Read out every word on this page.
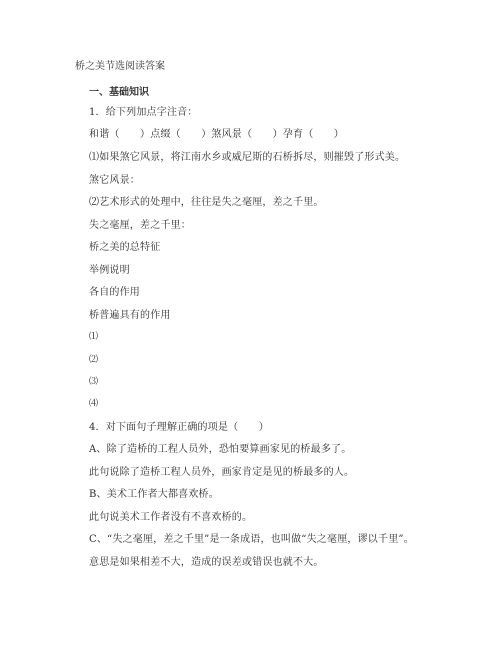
桥之美节选阅读答案
一、基础知识
1．给下列加点字注音：
和谐（　　）点缀（　　）煞风景（　　）孕育（　　）
⑴如果煞它风景，将江南水乡或威尼斯的石桥拆尽，则摧毁了形式美。
煞它风景：
⑵艺术形式的处理中，往往是失之毫厘，差之千里。
失之毫厘，差之千里：
桥之美的总特征
举例说明
各自的作用
桥普遍具有的作用
⑴
⑵
⑶
⑷
4．对下面句子理解正确的项是（　　）
A、除了造桥的工程人员外，恐怕要算画家见的桥最多了。
此句说除了造桥工程人员外，画家肯定是见的桥最多的人。
B、美术工作者大都喜欢桥。
此句说美术工作者没有不喜欢桥的。
C、“失之毫厘，差之千里”是一条成语，也叫做“失之毫厘，谬以千里”。
意思是如果相差不大，造成的误差或错误也就不大。
